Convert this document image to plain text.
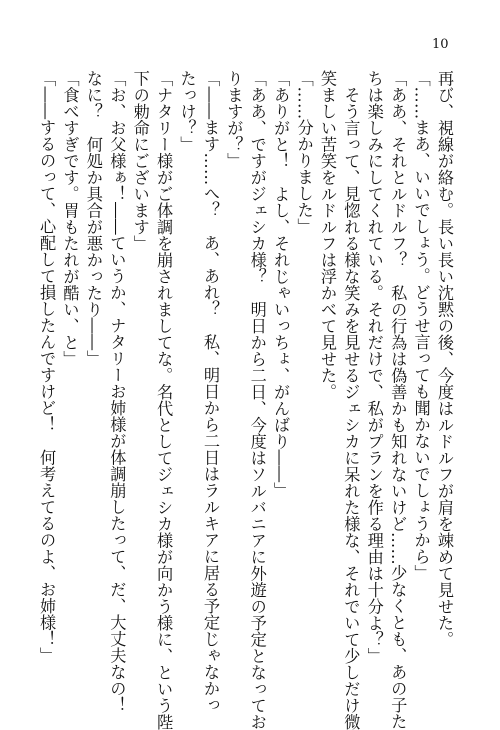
10
再び、視線が絡む。長い長い沈黙の後、今度はルドルフが肩を竦めて見せた。
「……まあ、いいでしょう。どうせ言っても聞かないでしょうから」
「ああ、それとルドルフ？　私の行為は偽善かも知れないけど……少なくとも、あの子た
ちは楽しみにしてくれている。それだけで、私がプランを作る理由は十分よ？」
　そう言って、見惚れる様な笑みを見せるジェシカに呆れた様な、それでいて少しだけ微
笑ましい苦笑をルドルフは浮かべて見せた。
「……分かりました」
「ありがと！　よし、それじゃいっちょ、がんばり――」
「ああ、ですがジェシカ様？　明日から二日、今度はソルバニアに外遊の予定となってお
りますが？」
「――ます……へ？　あ、あれ？　私、明日から二日はラルキアに居る予定じゃなかっ
たっけ？」
「ナタリー様がご体調を崩されましてな。名代としてジェシカ様が向かう様に、という陛
下の勅命にございます」
「お、お父様ぁ！――ていうか、ナタリーお姉様が体調崩したって、だ、大丈夫なの！
なに？　何処か具合が悪かったり――」
「食べすぎです。胃もたれが酷い、と」
「――するのって、心配して損したんですけど！　何考えてるのよ、お姉様！」
